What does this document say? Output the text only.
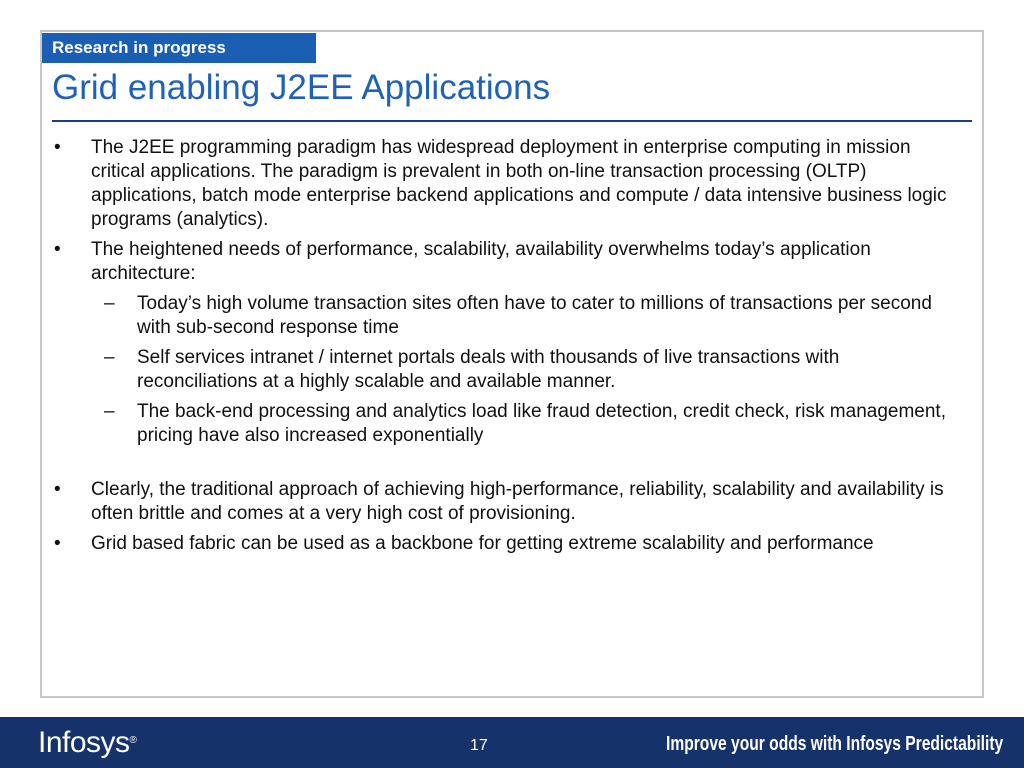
Research in progress
Grid enabling J2EE Applications
• The J2EE programming paradigm has widespread deployment in enterprise computing in mission critical applications. The paradigm is prevalent in both on-line transaction processing (OLTP) applications, batch mode enterprise backend applications and compute / data intensive business logic programs (analytics).
• The heightened needs of performance, scalability, availability overwhelms today’s application architecture:
– Today’s high volume transaction sites often have to cater to millions of transactions per second with sub-second response time
– Self services intranet / internet portals deals with thousands of live transactions with reconciliations at a highly scalable and available manner.
– The back-end processing and analytics load like fraud detection, credit check, risk management, pricing have also increased exponentially
• Clearly, the traditional approach of achieving high-performance, reliability, scalability and availability is often brittle and comes at a very high cost of provisioning.
• Grid based fabric can be used as a backbone for getting extreme scalability and performance
Infosys®	17	Improve your odds with Infosys Predictability
